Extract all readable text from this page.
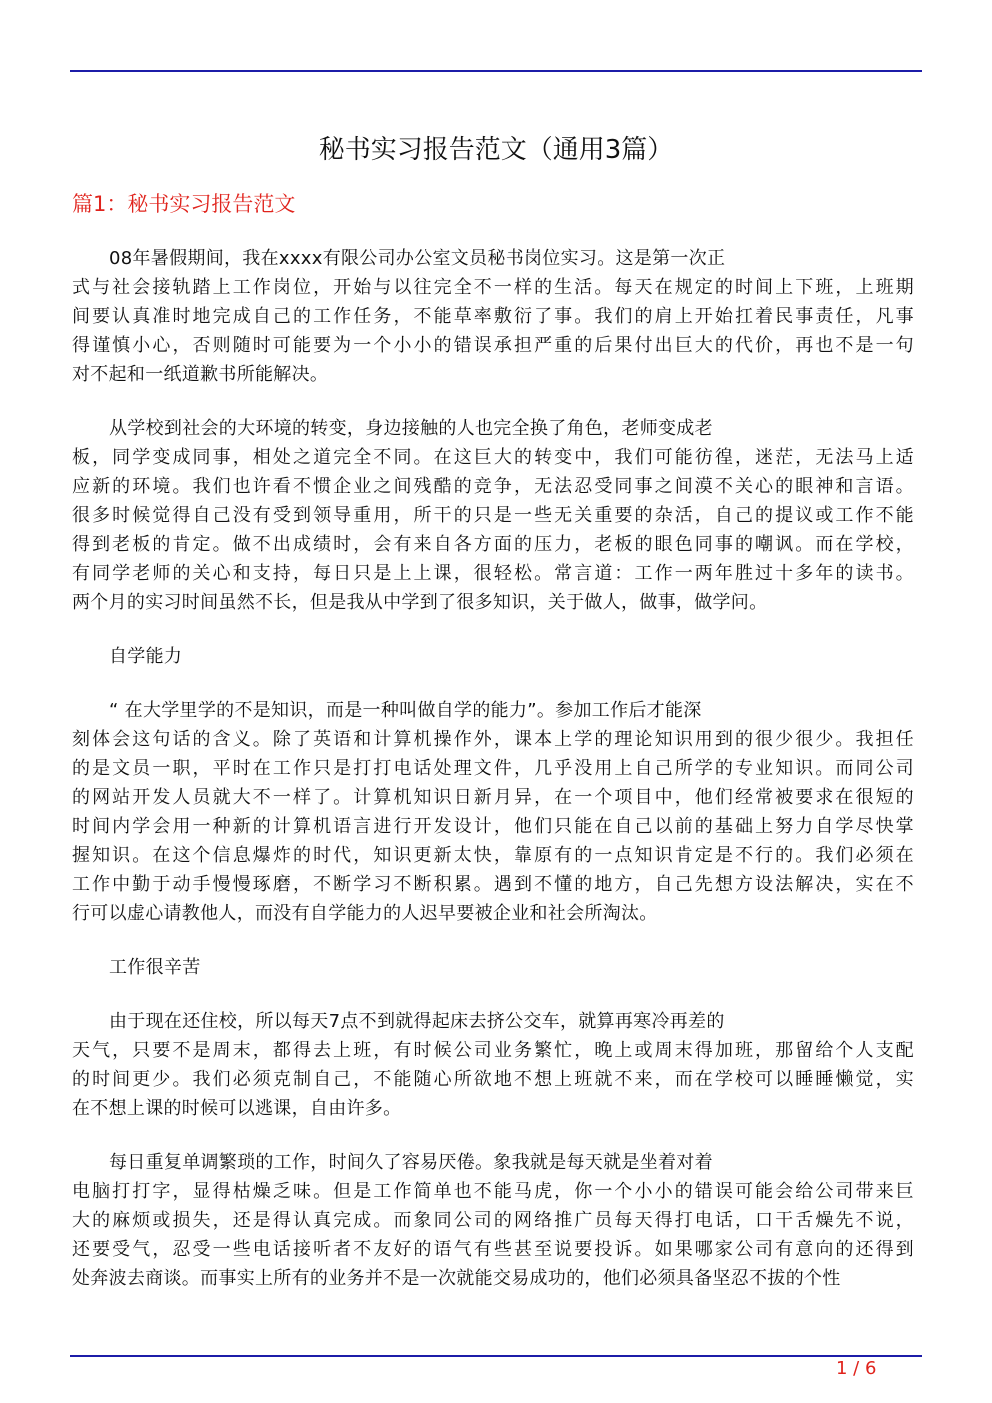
秘书实习报告范文（通用3篇）
篇1：秘书实习报告范文
08年暑假期间，我在xxxx有限公司办公室文员秘书岗位实习。这是第一次正
式与社会接轨踏上工作岗位，开始与以往完全不一样的生活。每天在规定的时间上下班，上班期
间要认真准时地完成自己的工作任务，不能草率敷衍了事。我们的肩上开始扛着民事责任，凡事
得谨慎小心，否则随时可能要为一个小小的错误承担严重的后果付出巨大的代价，再也不是一句
对不起和一纸道歉书所能解决。
从学校到社会的大环境的转变，身边接触的人也完全换了角色，老师变成老
板，同学变成同事，相处之道完全不同。在这巨大的转变中，我们可能彷徨，迷茫，无法马上适
应新的环境。我们也许看不惯企业之间残酷的竞争，无法忍受同事之间漠不关心的眼神和言语。
很多时候觉得自己没有受到领导重用，所干的只是一些无关重要的杂活，自己的提议或工作不能
得到老板的肯定。做不出成绩时，会有来自各方面的压力，老板的眼色同事的嘲讽。而在学校，
有同学老师的关心和支持，每日只是上上课，很轻松。常言道：工作一两年胜过十多年的读书。
两个月的实习时间虽然不长，但是我从中学到了很多知识，关于做人，做事，做学问。
自学能力
“ 在大学里学的不是知识，而是一种叫做自学的能力”。参加工作后才能深
刻体会这句话的含义。除了英语和计算机操作外，课本上学的理论知识用到的很少很少。我担任
的是文员一职，平时在工作只是打打电话处理文件，几乎没用上自己所学的专业知识。而同公司
的网站开发人员就大不一样了。计算机知识日新月异，在一个项目中，他们经常被要求在很短的
时间内学会用一种新的计算机语言进行开发设计，他们只能在自己以前的基础上努力自学尽快掌
握知识。在这个信息爆炸的时代，知识更新太快，靠原有的一点知识肯定是不行的。我们必须在
工作中勤于动手慢慢琢磨，不断学习不断积累。遇到不懂的地方，自己先想方设法解决，实在不
行可以虚心请教他人，而没有自学能力的人迟早要被企业和社会所淘汰。
工作很辛苦
由于现在还住校，所以每天7点不到就得起床去挤公交车，就算再寒冷再差的
天气，只要不是周末，都得去上班，有时候公司业务繁忙，晚上或周末得加班，那留给个人支配
的时间更少。我们必须克制自己，不能随心所欲地不想上班就不来，而在学校可以睡睡懒觉，实
在不想上课的时候可以逃课，自由许多。
每日重复单调繁琐的工作，时间久了容易厌倦。象我就是每天就是坐着对着
电脑打打字，显得枯燥乏味。但是工作简单也不能马虎，你一个小小的错误可能会给公司带来巨
大的麻烦或损失，还是得认真完成。而象同公司的网络推广员每天得打电话，口干舌燥先不说，
还要受气，忍受一些电话接听者不友好的语气有些甚至说要投诉。如果哪家公司有意向的还得到
处奔波去商谈。而事实上所有的业务并不是一次就能交易成功的，他们必须具备坚忍不拔的个性
1 / 6
